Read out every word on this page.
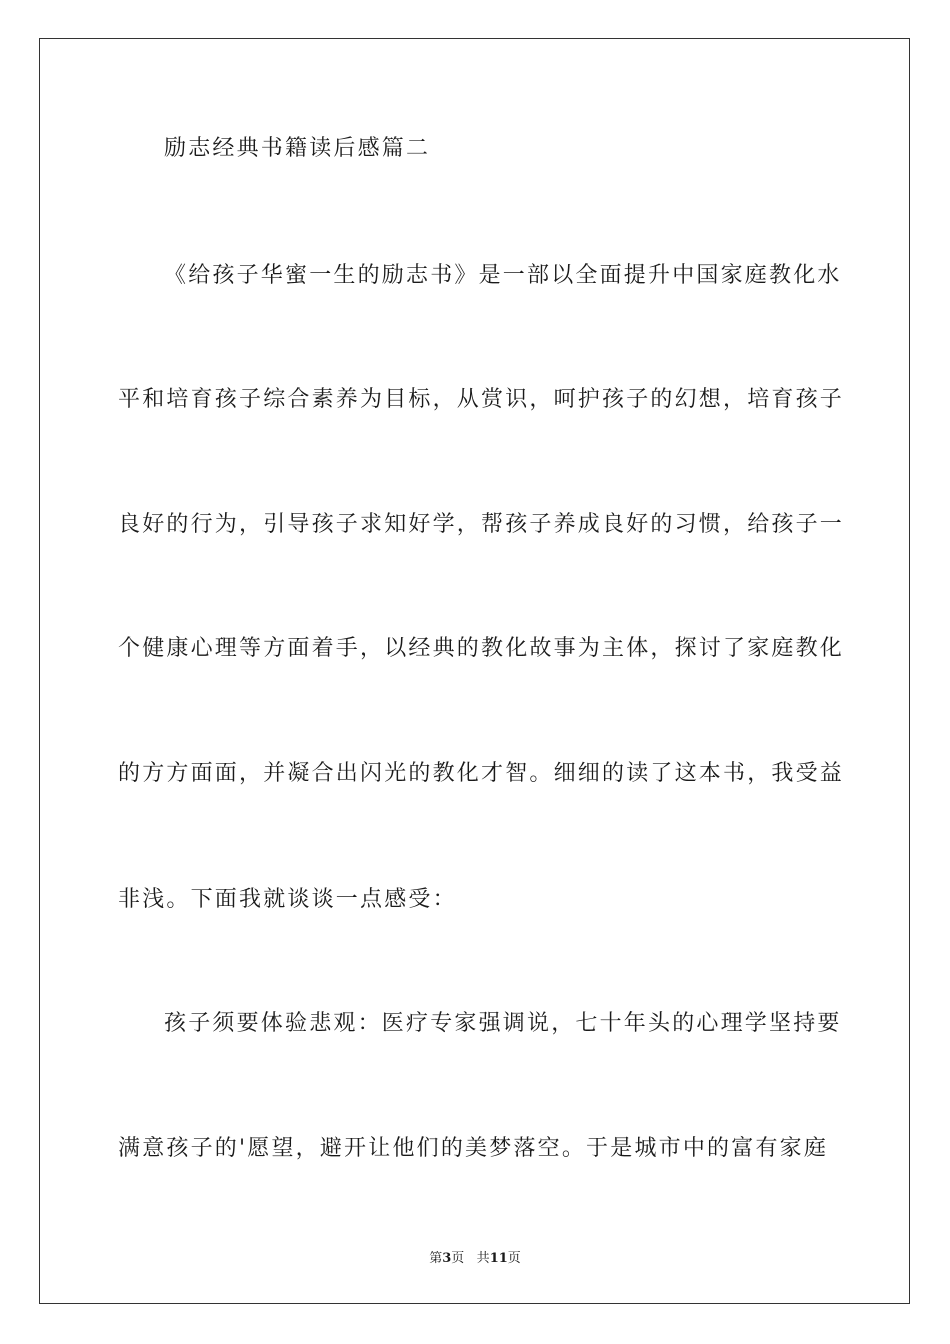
励志经典书籍读后感篇二
《给孩子华蜜一生的励志书》是一部以全面提升中国家庭教化水
平和培育孩子综合素养为目标，从赏识，呵护孩子的幻想，培育孩子
良好的行为，引导孩子求知好学，帮孩子养成良好的习惯，给孩子一
个健康心理等方面着手，以经典的教化故事为主体，探讨了家庭教化
的方方面面，并凝合出闪光的教化才智。细细的读了这本书，我受益
非浅。下面我就谈谈一点感受：
孩子须要体验悲观：医疗专家强调说，七十年头的心理学坚持要
满意孩子的'愿望，避开让他们的美梦落空。于是城市中的富有家庭
第3页 共11页
